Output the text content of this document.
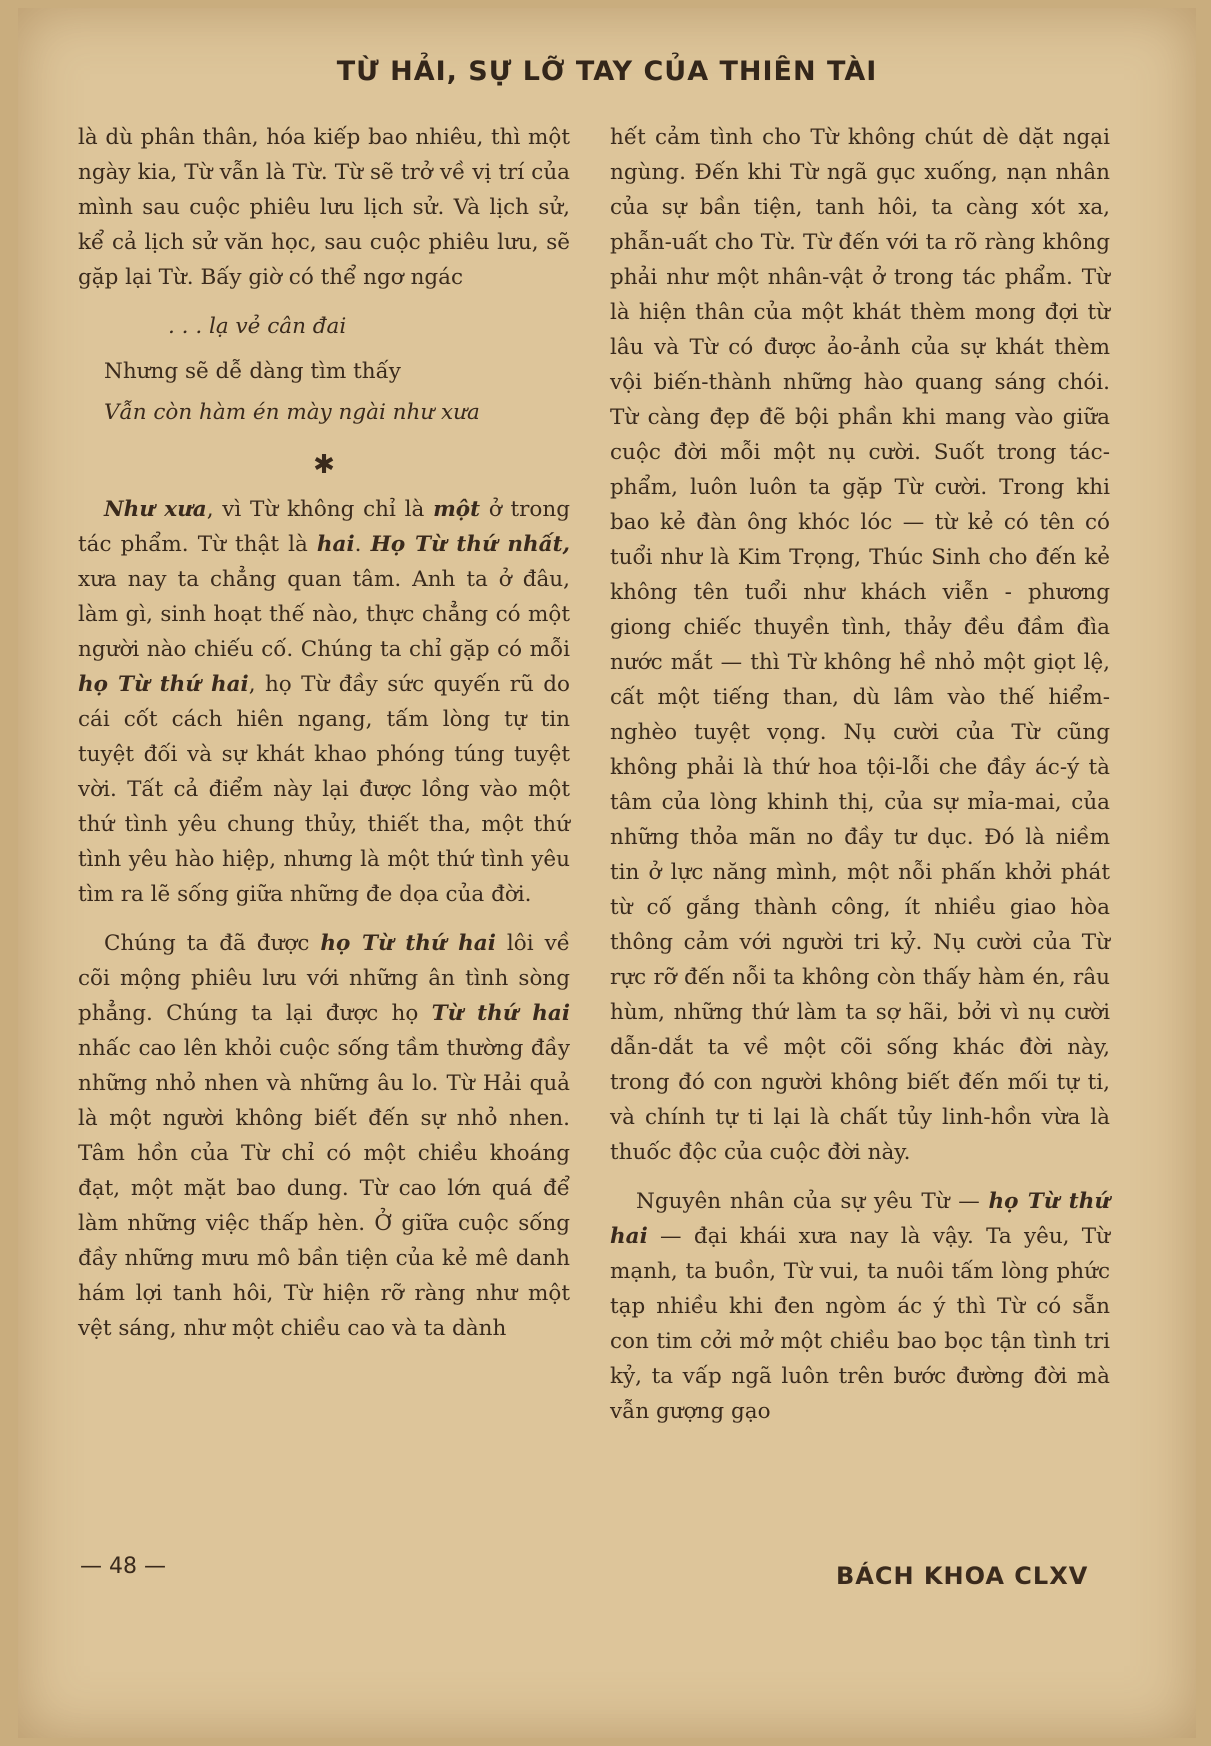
TỪ HẢI, SỰ LỠ TAY CỦA THIÊN TÀI

là dù phân thân, hóa kiếp bao nhiêu, thì một ngày kia, Từ vẫn là Từ. Từ sẽ trở về vị trí của mình sau cuộc phiêu lưu lịch sử. Và lịch sử, kể cả lịch sử văn học, sau cuộc phiêu lưu, sẽ gặp lại Từ. Bấy giờ có thể ngơ ngác

. . . lạ vẻ cân đai
Nhưng sẽ dễ dàng tìm thấy
Vẫn còn hàm én mày ngài như xưa
✱

Như xưa, vì Từ không chỉ là một ở trong tác phẩm. Từ thật là hai. Họ Từ thứ nhất, xưa nay ta chẳng quan tâm. Anh ta ở đâu, làm gì, sinh hoạt thế nào, thực chẳng có một người nào chiếu cố. Chúng ta chỉ gặp có mỗi họ Từ thứ hai, họ Từ đầy sức quyến rũ do cái cốt cách hiên ngang, tấm lòng tự tin tuyệt đối và sự khát khao phóng túng tuyệt vời. Tất cả điểm này lại được lồng vào một thứ tình yêu chung thủy, thiết tha, một thứ tình yêu hào hiệp, nhưng là một thứ tình yêu tìm ra lẽ sống giữa những đe dọa của đời.

Chúng ta đã được họ Từ thứ hai lôi về cõi mộng phiêu lưu với những ân tình sòng phẳng. Chúng ta lại được họ Từ thứ hai nhấc cao lên khỏi cuộc sống tầm thường đầy những nhỏ nhen và những âu lo. Từ Hải quả là một người không biết đến sự nhỏ nhen. Tâm hồn của Từ chỉ có một chiều khoáng đạt, một mặt bao dung. Từ cao lớn quá để làm những việc thấp hèn. Ở giữa cuộc sống đầy những mưu mô bần tiện của kẻ mê danh hám lợi tanh hôi, Từ hiện rỡ ràng như một vệt sáng, như một chiều cao và ta dành

hết cảm tình cho Từ không chút dè dặt ngại ngùng. Đến khi Từ ngã gục xuống, nạn nhân của sự bần tiện, tanh hôi, ta càng xót xa, phẫn-uất cho Từ. Từ đến với ta rõ ràng không phải như một nhân-vật ở trong tác phẩm. Từ là hiện thân của một khát thèm mong đợi từ lâu và Từ có được ảo-ảnh của sự khát thèm vội biến-thành những hào quang sáng chói. Từ càng đẹp đẽ bội phần khi mang vào giữa cuộc đời mỗi một nụ cười. Suốt trong tác-phẩm, luôn luôn ta gặp Từ cười. Trong khi bao kẻ đàn ông khóc lóc — từ kẻ có tên có tuổi như là Kim Trọng, Thúc Sinh cho đến kẻ không tên tuổi như khách viễn - phương giong chiếc thuyền tình, thảy đều đầm đìa nước mắt — thì Từ không hề nhỏ một giọt lệ, cất một tiếng than, dù lâm vào thế hiểm-nghèo tuyệt vọng. Nụ cười của Từ cũng không phải là thứ hoa tội-lỗi che đầy ác-ý tà tâm của lòng khinh thị, của sự mỉa-mai, của những thỏa mãn no đầy tư dục. Đó là niềm tin ở lực năng mình, một nỗi phấn khởi phát từ cố gắng thành công, ít nhiều giao hòa thông cảm với người tri kỷ. Nụ cười của Từ rực rỡ đến nỗi ta không còn thấy hàm én, râu hùm, những thứ làm ta sợ hãi, bởi vì nụ cười dẫn-dắt ta về một cõi sống khác đời này, trong đó con người không biết đến mối tự ti, và chính tự ti lại là chất tủy linh-hồn vừa là thuốc độc của cuộc đời này.

Nguyên nhân của sự yêu Từ — họ Từ thứ hai — đại khái xưa nay là vậy. Ta yêu, Từ mạnh, ta buồn, Từ vui, ta nuôi tấm lòng phức tạp nhiều khi đen ngòm ác ý thì Từ có sẵn con tim cởi mở một chiều bao bọc tận tình tri kỷ, ta vấp ngã luôn trên bước đường đời mà vẫn gượng gạo

— 48 —	BÁCH KHOA CLXV
